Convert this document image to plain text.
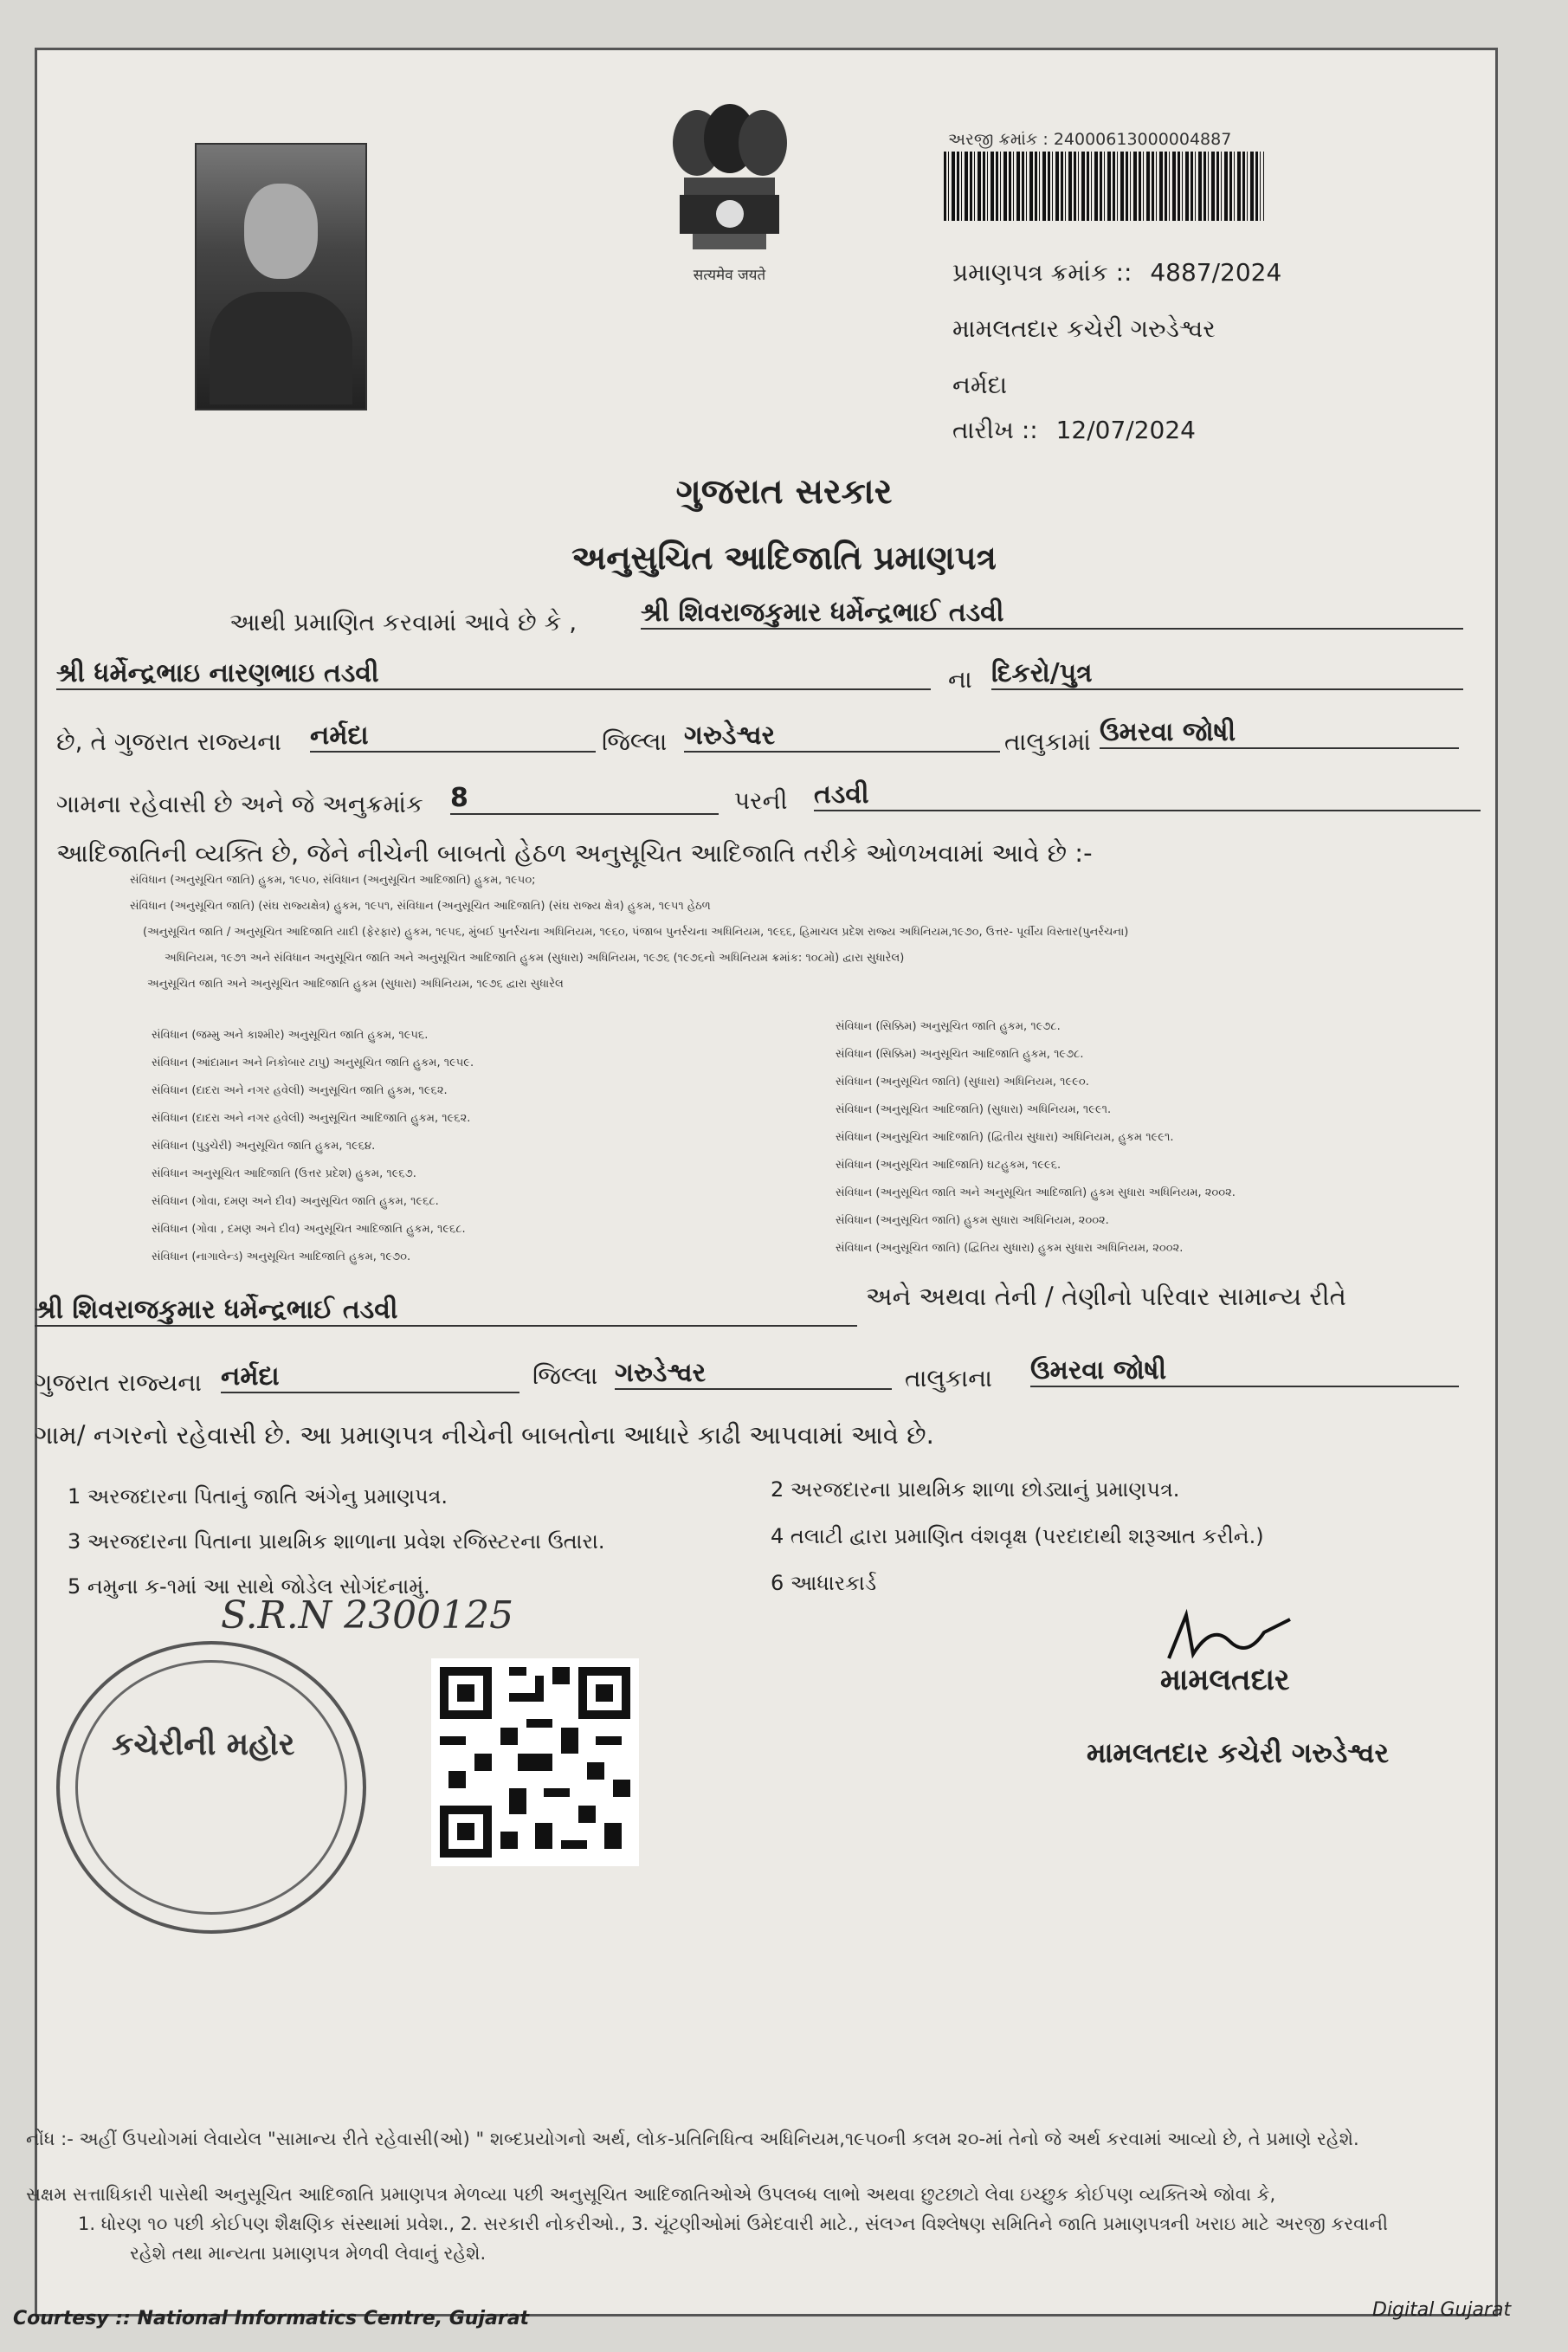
सत्यमेव जयते
અરજી ક્રમાંક : 24000613000004887
પ્રમાણપત્ર ક્રમાંક :: 4887/2024
મામલતદાર કચેરી ગરુડેશ્વર
નર્મદા
તારીખ :: 12/07/2024
ગુજરાત સરકાર
અનુસુચિત આદિજાતિ પ્રમાણપત્ર
આથી પ્રમાણિત કરવામાં આવે છે કે , શ્રી શિવરાજકુમાર ધર્મેન્દ્રભાઈ તડવી
શ્રી ધર્મેન્દ્રભાઇ નારણભાઇ તડવી	ના દિકરો/પુત્ર
છે, તે ગુજરાત રાજ્યના નર્મદા	જિલ્લા ગરુડેશ્વર	તાલુકામાં ઉમરવા જોષી
ગામના રહેવાસી છે અને જે અનુક્રમાંક 8	પરની તડવી
આદિજાતિની વ્યક્તિ છે, જેને નીચેની બાબતો હેઠળ અનુસૂચિત આદિજાતિ તરીકે ઓળખવામાં આવે છે :-
સંવિધાન (અનુસૂચિત જાતિ) હુકમ, ૧૯૫૦, સંવિધાન (અનુસૂચિત આદિજાતિ) હુકમ, ૧૯૫૦;
સંવિધાન (અનુસૂચિત જાતિ) (સંઘ રાજ્યક્ષેત્ર) હુકમ, ૧૯૫૧, સંવિધાન (અનુસૂચિત આદિજાતિ) (સંઘ રાજ્ય ક્ષેત્ર) હુકમ, ૧૯૫૧ હેઠળ
(અનુસૂચિત જાતિ / અનુસૂચિત આદિજાતિ યાદી (ફેરફાર) હુકમ, ૧૯૫૬, મુંબઈ પુનર્રચના અધિનિયમ, ૧૯૬૦, પંજાબ પુનર્રચના અધિનિયમ, ૧૯૬૬, હિમાચલ પ્રદેશ રાજ્ય અધિનિયમ,૧૯૭૦, ઉત્તર- પૂર્વીય વિસ્તાર(પુનર્રચના)
અધિનિયમ, ૧૯૭૧ અને સંવિધાન અનુસૂચિત જાતિ અને અનુસૂચિત આદિજાતિ હુકમ (સુધારા) અધિનિયમ, ૧૯૭૬ (૧૯૭૬નો અધિનિયમ ક્રમાંક: ૧૦૮મો) દ્વારા સુધારેલ)
અનુસૂચિત જાતિ અને અનુસૂચિત આદિજાતિ હુકમ (સુધારા) અધિનિયમ, ૧૯૭૬ દ્વારા સુધારેલ
સંવિધાન (જમ્મુ અને કાશ્મીર) અનુસૂચિત જાતિ હુકમ, ૧૯૫૬.
સંવિધાન (આંદામાન અને નિકોબાર ટાપુ) અનુસૂચિત જાતિ હુકમ, ૧૯૫૯.
સંવિધાન (દાદરા અને નગર હવેલી) અનુસૂચિત જાતિ હુકમ, ૧૯૬૨.
સંવિધાન (દાદરા અને નગર હવેલી) અનુસૂચિત આદિજાતિ હુકમ, ૧૯૬૨.
સંવિધાન (પુડુચેરી) અનુસૂચિત જાતિ હુકમ, ૧૯૬૪.
સંવિધાન અનુસૂચિત આદિજાતિ (ઉત્તર પ્રદેશ) હુકમ, ૧૯૬૭.
સંવિધાન (ગોવા, દમણ અને દીવ) અનુસૂચિત જાતિ હુકમ, ૧૯૬૮.
સંવિધાન (ગોવા , દમણ અને દીવ) અનુસૂચિત આદિજાતિ હુકમ, ૧૯૬૮.
સંવિધાન (નાગાલેન્ડ) અનુસૂચિત આદિજાતિ હુકમ, ૧૯૭૦.
સંવિધાન (સિક્કિમ) અનુસૂચિત જાતિ હુકમ, ૧૯૭૮.
સંવિધાન (સિક્કિમ) અનુસૂચિત આદિજાતિ હુકમ, ૧૯૭૮.
સંવિધાન (અનુસૂચિત જાતિ) (સુધારા) અધિનિયમ, ૧૯૯૦.
સંવિધાન (અનુસૂચિત આદિજાતિ) (સુધારા) અધિનિયમ, ૧૯૯૧.
સંવિધાન (અનુસૂચિત આદિજાતિ) (દ્વિતીય સુધારા) અધિનિયમ, હુકમ ૧૯૯૧.
સંવિધાન (અનુસૂચિત આદિજાતિ) ઘટહુકમ, ૧૯૯૬.
સંવિધાન (અનુસૂચિત જાતિ અને અનુસૂચિત આદિજાતિ) હુકમ સુધારા અધિનિયમ, ૨૦૦૨.
સંવિધાન (અનુસૂચિત જાતિ) હુકમ સુધારા અધિનિયમ, ૨૦૦૨.
સંવિધાન (અનુસૂચિત જાતિ) (દ્વિતિય સુધારા) હુકમ સુધારા અધિનિયમ, ૨૦૦૨.
શ્રી શિવરાજકુમાર ધર્મેન્દ્રભાઈ તડવી	અને અથવા તેની / તેણીનો પરિવાર સામાન્ય રીતે
ગુજરાત રાજ્યના નર્મદા	જિલ્લા ગરુડેશ્વર	તાલુકાના ઉમરવા જોષી
ગામ/ નગરનો રહેવાસી છે. આ પ્રમાણપત્ર નીચેની બાબતોના આધારે કાઢી આપવામાં આવે છે.
1 અરજદારના પિતાનું જાતિ અંગેનુ પ્રમાણપત્ર.	2 અરજદારના પ્રાથમિક શાળા છોડ્યાનું પ્રમાણપત્ર.
3 અરજદારના પિતાના પ્રાથમિક શાળાના પ્રવેશ રજિસ્ટરના ઉતારા.	4 તલાટી દ્વારા પ્રમાણિત વંશવૃક્ષ (પરદાદાથી શરૂઆત કરીને.)
5 નમુના ક-૧માં આ સાથે જોડેલ સોગંદનામું.	6 આધારકાર્ડ
S.R.N 2300125
કચેરીની મહોર
મામલતદાર
મામલતદાર કચેરી ગરુડેશ્વર
નોંધ :- અહીં ઉપયોગમાં લેવાયેલ "સામાન્ય રીતે રહેવાસી(ઓ) " શબ્દપ્રયોગનો અર્થ, લોક-પ્રતિનિધિત્વ અધિનિયમ,૧૯૫૦ની કલમ ૨૦-માં તેનો જે અર્થ કરવામાં આવ્યો છે, તે પ્રમાણે રહેશે.
સક્ષમ સત્તાધિકારી પાસેથી અનુસૂચિત આદિજાતિ પ્રમાણપત્ર મેળવ્યા પછી અનુસૂચિત આદિજાતિઓએ ઉપલબ્ધ લાભો અથવા છુટછાટો લેવા ઇચ્છુક કોઈપણ વ્યક્તિએ જોવા કે,
1. ધોરણ ૧૦ પછી કોઈપણ શૈક્ષણિક સંસ્થામાં પ્રવેશ., 2. સરકારી નોકરીઓ., 3. ચૂંટણીઓમાં ઉમેદવારી માટે., સંલગ્ન વિશ્લેષણ સમિતિને જાતિ પ્રમાણપત્રની ખરાઇ માટે અરજી કરવાની
રહેશે તથા માન્યતા પ્રમાણપત્ર મેળવી લેવાનું રહેશે.
Courtesy :: National Informatics Centre, Gujarat	Digital Gujarat
